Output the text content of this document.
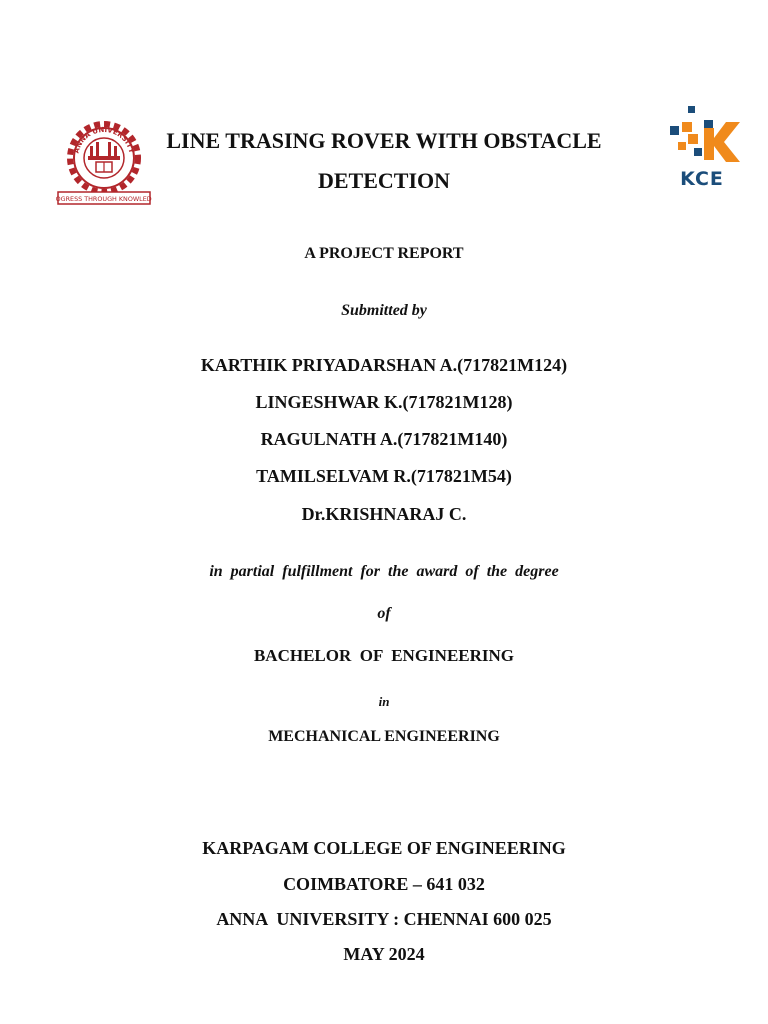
ANNA UNIVERSITY
OGRESS THROUGH KNOWLED
KCE
LINE TRASING ROVER WITH OBSTACLE
DETECTION
A PROJECT REPORT
Submitted by
KARTHIK PRIYADARSHAN A.(717821M124)
LINGESHWAR K.(717821M128)
RAGULNATH A.(717821M140)
TAMILSELVAM R.(717821M54)
Dr.KRISHNARAJ C.
in  partial  fulfillment  for  the  award  of  the  degree
of
BACHELOR  OF  ENGINEERING
in
MECHANICAL ENGINEERING
KARPAGAM COLLEGE OF ENGINEERING
COIMBATORE – 641 032
ANNA  UNIVERSITY : CHENNAI 600 025
MAY 2024
